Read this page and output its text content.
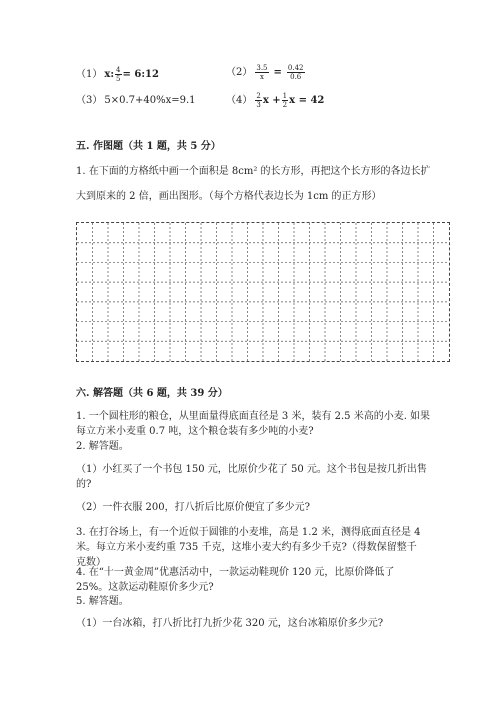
（1） x: $\frac{4}{5}$ = 6:12	$(2) \frac{3.5}{x} = \frac{0.42}{0.6}$
（3） 5×0.7+40%x=9.1	$(4) \frac{2}{3}$ $x + \frac{1}{2}$ x = 42
五. 作图题（共 1 题，共 5 分）
1. 在下面的方格纸中画一个面积是 8cm² 的长方形，再把这个长方形的各边长扩
大到原来的 2 倍，画出图形。（每个方格代表边长为 1cm 的正方形）
六. 解答题（共 6 题，共 39 分）
1. 一个圆柱形的粮仓，从里面量得底面直径是 3 米，装有 2.5 米高的小麦. 如果
每立方米小麦重 0.7 吨，这个粮仓装有多少吨的小麦?
2. 解答题。
（1）小红买了一个书包 150 元，比原价少花了 50 元。这个书包是按几折出售
的?
（2）一件衣服 200，打八折后比原价便宜了多少元?
3. 在打谷场上，有一个近似于圆锥的小麦堆，高是 1.2 米，测得底面直径是 4
米。每立方米小麦约重 735 千克，这堆小麦大约有多少千克?（得数保留整千
克数）
4. 在“十一黄金周”优惠活动中，一款运动鞋现价 120 元，比原价降低了
25%。这款运动鞋原价多少元?
5. 解答题。
（1）一台冰箱，打八折比打九折少花 320 元，这台冰箱原价多少元?
